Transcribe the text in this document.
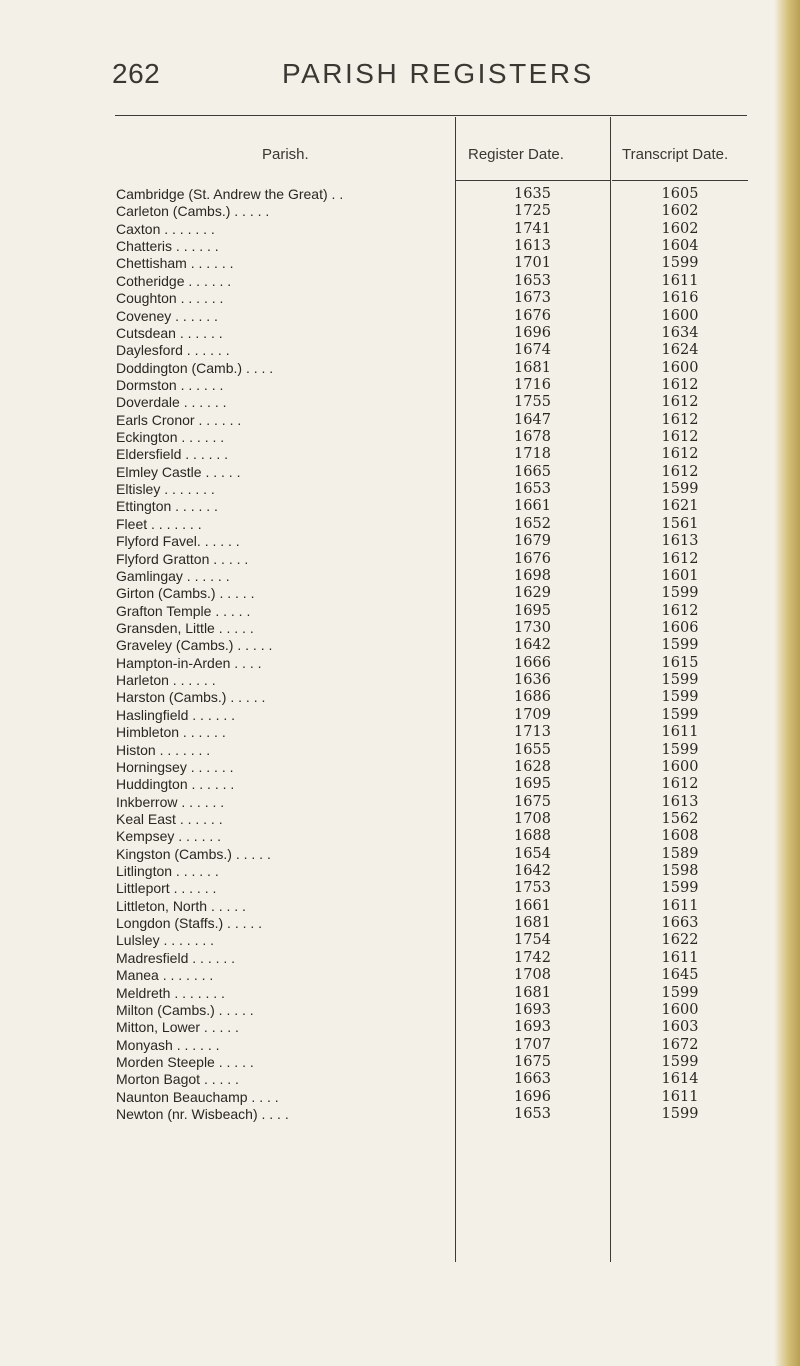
262	PARISH REGISTERS
Parish.	Register Date.	Transcript Date.
Cambridge (St. Andrew the Great) . .	1635	1605
Carleton (Cambs.) . . . . .	1725	1602
Caxton . . . . . . .	1741	1602
Chatteris . . . . . .	1613	1604
Chettisham . . . . . .	1701	1599
Cotheridge . . . . . .	1653	1611
Coughton . . . . . .	1673	1616
Coveney . . . . . .	1676	1600
Cutsdean . . . . . .	1696	1634
Daylesford . . . . . .	1674	1624
Doddington (Camb.) . . . .	1681	1600
Dormston . . . . . .	1716	1612
Doverdale . . . . . .	1755	1612
Earls Cronor . . . . . .	1647	1612
Eckington . . . . . .	1678	1612
Eldersfield . . . . . .	1718	1612
Elmley Castle . . . . .	1665	1612
Eltisley . . . . . . .	1653	1599
Ettington . . . . . .	1661	1621
Fleet . . . . . . .	1652	1561
Flyford Favel. . . . . .	1679	1613
Flyford Gratton . . . . .	1676	1612
Gamlingay . . . . . .	1698	1601
Girton (Cambs.) . . . . .	1629	1599
Grafton Temple . . . . .	1695	1612
Gransden, Little . . . . .	1730	1606
Graveley (Cambs.) . . . . .	1642	1599
Hampton-in-Arden . . . .	1666	1615
Harleton . . . . . .	1636	1599
Harston (Cambs.) . . . . .	1686	1599
Haslingfield . . . . . .	1709	1599
Himbleton . . . . . .	1713	1611
Histon . . . . . . .	1655	1599
Horningsey . . . . . .	1628	1600
Huddington . . . . . .	1695	1612
Inkberrow . . . . . .	1675	1613
Keal East . . . . . .	1708	1562
Kempsey . . . . . .	1688	1608
Kingston (Cambs.) . . . . .	1654	1589
Litlington . . . . . .	1642	1598
Littleport . . . . . .	1753	1599
Littleton, North . . . . .	1661	1611
Longdon (Staffs.) . . . . .	1681	1663
Lulsley . . . . . . .	1754	1622
Madresfield . . . . . .	1742	1611
Manea . . . . . . .	1708	1645
Meldreth . . . . . . .	1681	1599
Milton (Cambs.) . . . . .	1693	1600
Mitton, Lower . . . . .	1693	1603
Monyash . . . . . .	1707	1672
Morden Steeple . . . . .	1675	1599
Morton Bagot . . . . .	1663	1614
Naunton Beauchamp . . . .	1696	1611
Newton (nr. Wisbeach) . . . .	1653	1599
